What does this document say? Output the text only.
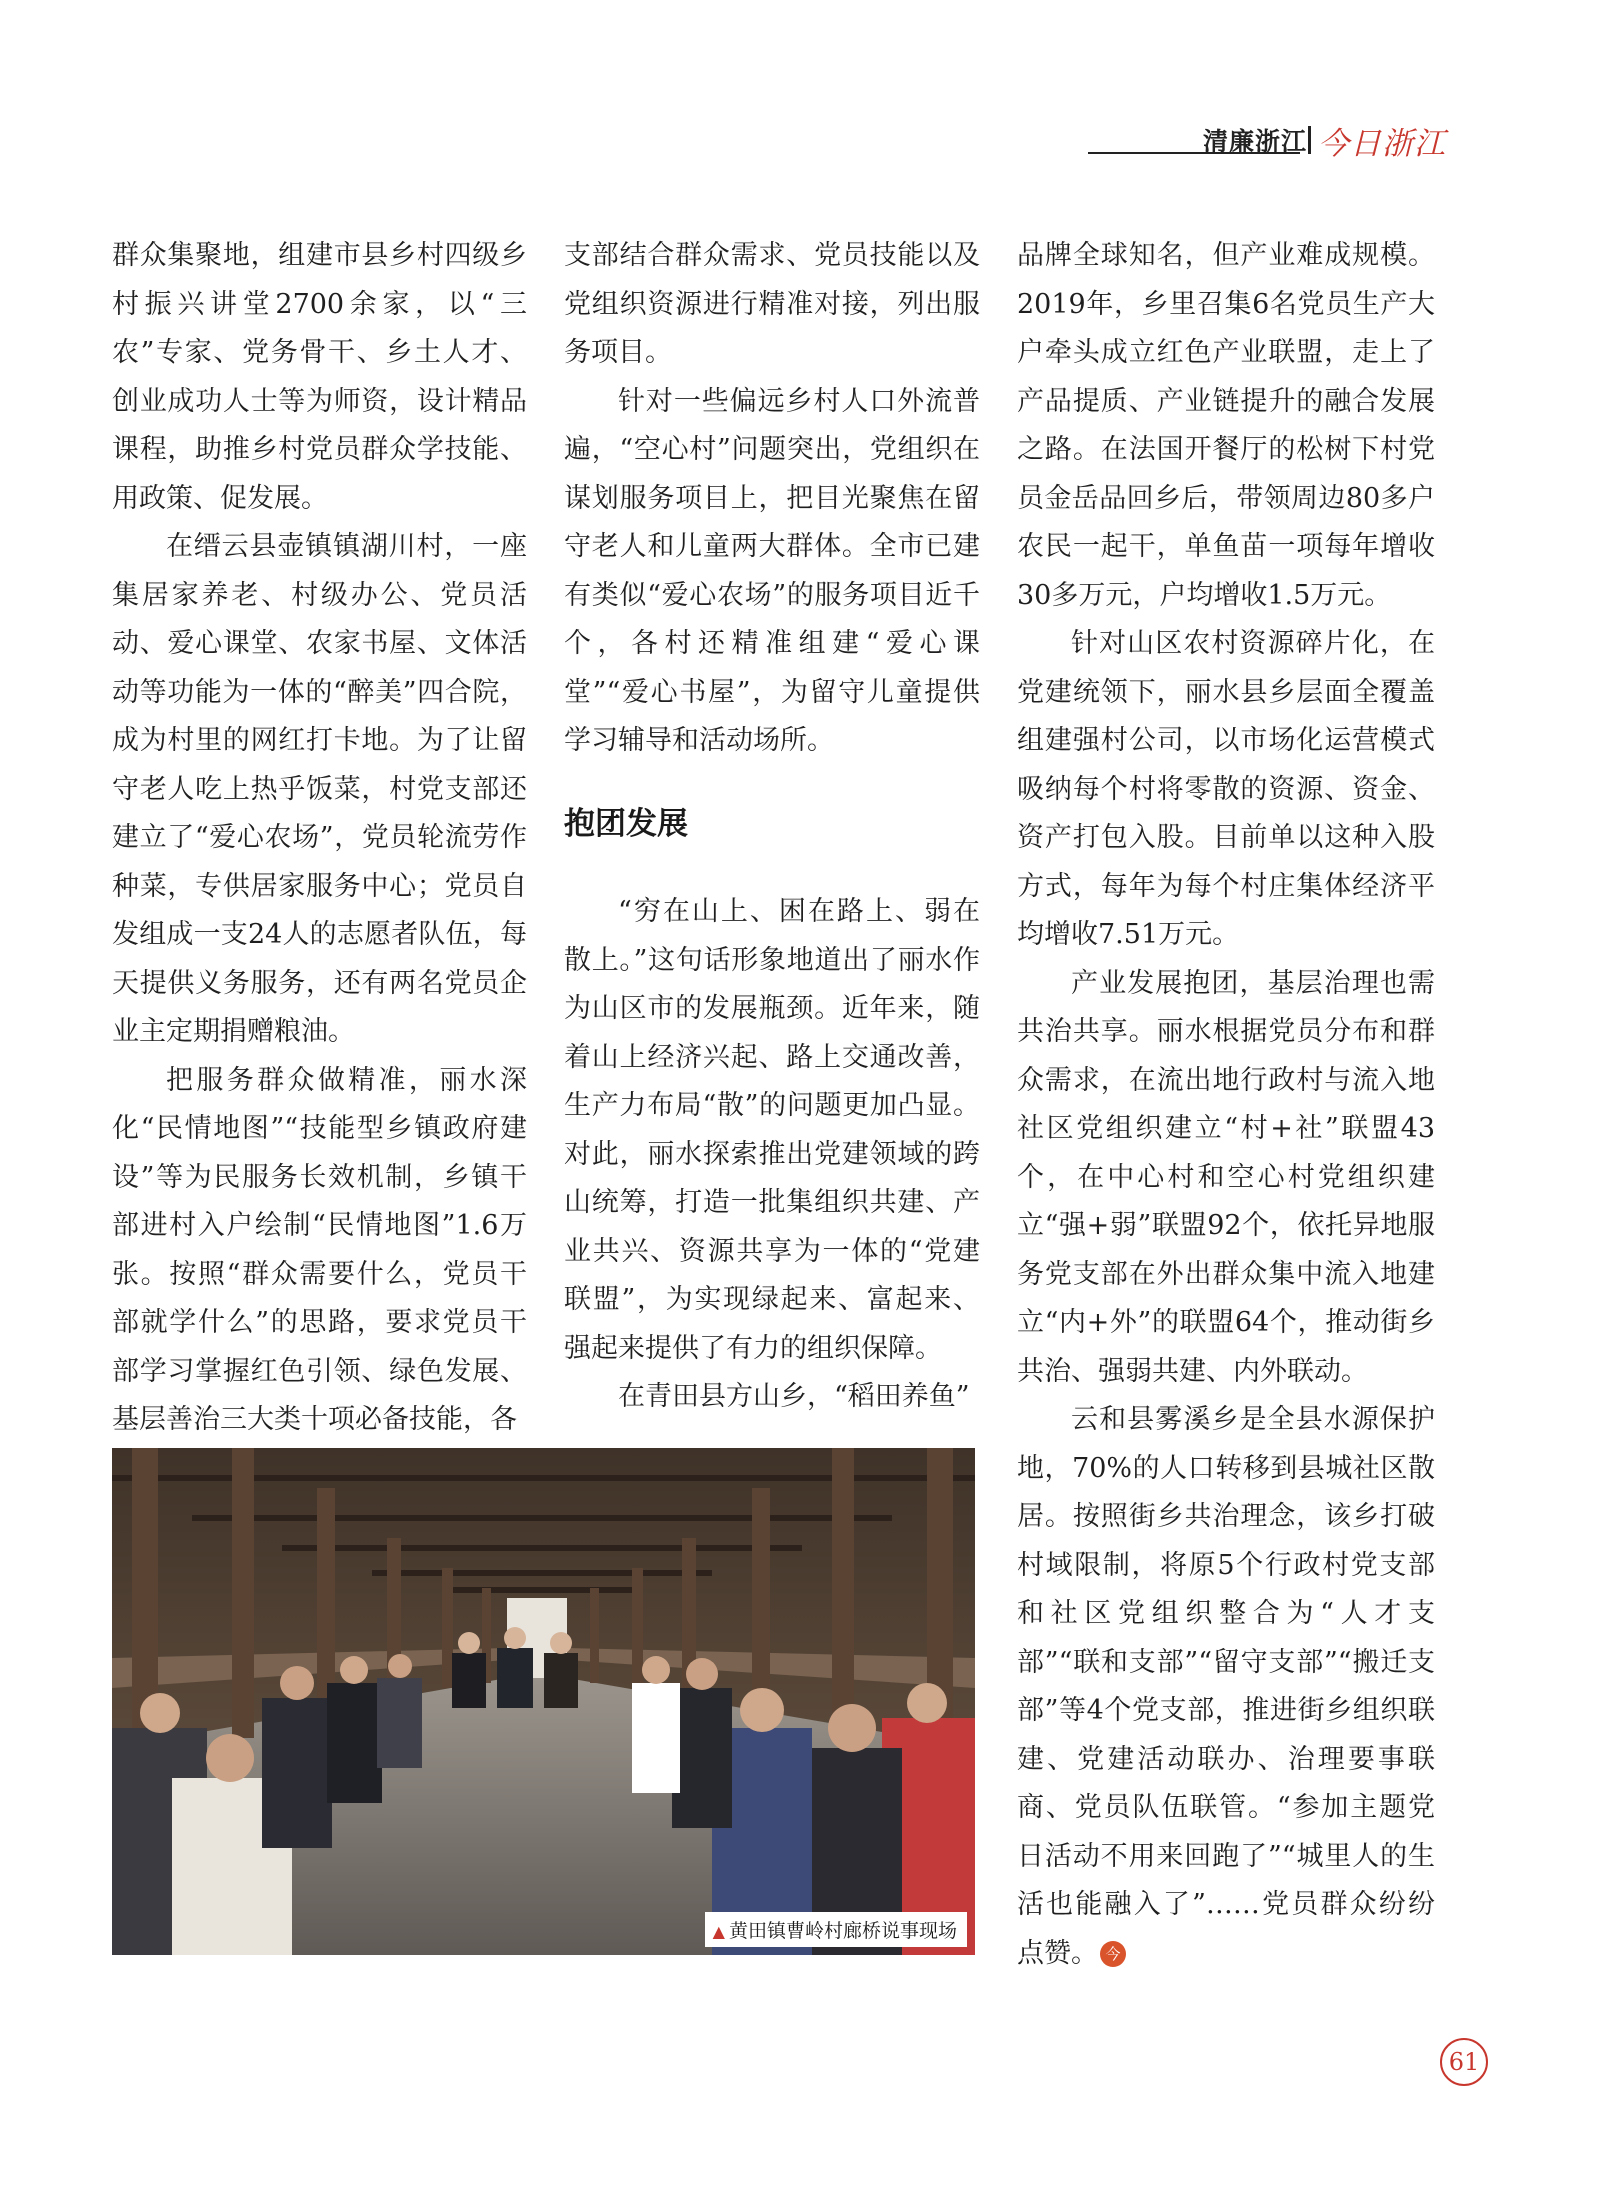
清廉浙江 今日浙江

群众集聚地，组建市县乡村四级乡村振兴讲堂2700余家，以“三农”专家、党务骨干、乡土人才、创业成功人士等为师资，设计精品课程，助推乡村党员群众学技能、用政策、促发展。

在缙云县壶镇镇湖川村，一座集居家养老、村级办公、党员活动、爱心课堂、农家书屋、文体活动等功能为一体的“醉美”四合院，成为村里的网红打卡地。为了让留守老人吃上热乎饭菜，村党支部还建立了“爱心农场”，党员轮流劳作种菜，专供居家服务中心；党员自发组成一支24人的志愿者队伍，每天提供义务服务，还有两名党员企业主定期捐赠粮油。

把服务群众做精准，丽水深化“民情地图”“技能型乡镇政府建设”等为民服务长效机制，乡镇干部进村入户绘制“民情地图”1.6万张。按照“群众需要什么，党员干部就学什么”的思路，要求党员干部学习掌握红色引领、绿色发展、基层善治三大类十项必备技能，各

支部结合群众需求、党员技能以及党组织资源进行精准对接，列出服务项目。

针对一些偏远乡村人口外流普遍，“空心村”问题突出，党组织在谋划服务项目上，把目光聚焦在留守老人和儿童两大群体。全市已建有类似“爱心农场”的服务项目近千个，各村还精准组建“爱心课堂”“爱心书屋”，为留守儿童提供学习辅导和活动场所。

抱团发展

“穷在山上、困在路上、弱在散上。”这句话形象地道出了丽水作为山区市的发展瓶颈。近年来，随着山上经济兴起、路上交通改善，生产力布局“散”的问题更加凸显。对此，丽水探索推出党建领域的跨山统筹，打造一批集组织共建、产业共兴、资源共享为一体的“党建联盟”，为实现绿起来、富起来、强起来提供了有力的组织保障。

在青田县方山乡，“稻田养鱼”

品牌全球知名，但产业难成规模。2019年，乡里召集6名党员生产大户牵头成立红色产业联盟，走上了产品提质、产业链提升的融合发展之路。在法国开餐厅的松树下村党员金岳品回乡后，带领周边80多户农民一起干，单鱼苗一项每年增收30多万元，户均增收1.5万元。

针对山区农村资源碎片化，在党建统领下，丽水县乡层面全覆盖组建强村公司，以市场化运营模式吸纳每个村将零散的资源、资金、资产打包入股。目前单以这种入股方式，每年为每个村庄集体经济平均增收7.51万元。

产业发展抱团，基层治理也需共治共享。丽水根据党员分布和群众需求，在流出地行政村与流入地社区党组织建立“村+社”联盟43个，在中心村和空心村党组织建立“强+弱”联盟92个，依托异地服务党支部在外出群众集中流入地建立“内+外”的联盟64个，推动街乡共治、强弱共建、内外联动。

云和县雾溪乡是全县水源保护地，70%的人口转移到县城社区散居。按照街乡共治理念，该乡打破村域限制，将原5个行政村党支部和社区党组织整合为“人才支部”“联和支部”“留守支部”“搬迁支部”等4个党支部，推进街乡组织联建、党建活动联办、治理要事联商、党员队伍联管。“参加主题党日活动不用来回跑了”“城里人的生活也能融入了”……党员群众纷纷点赞。 今

▲ 黄田镇曹岭村廊桥说事现场
61
